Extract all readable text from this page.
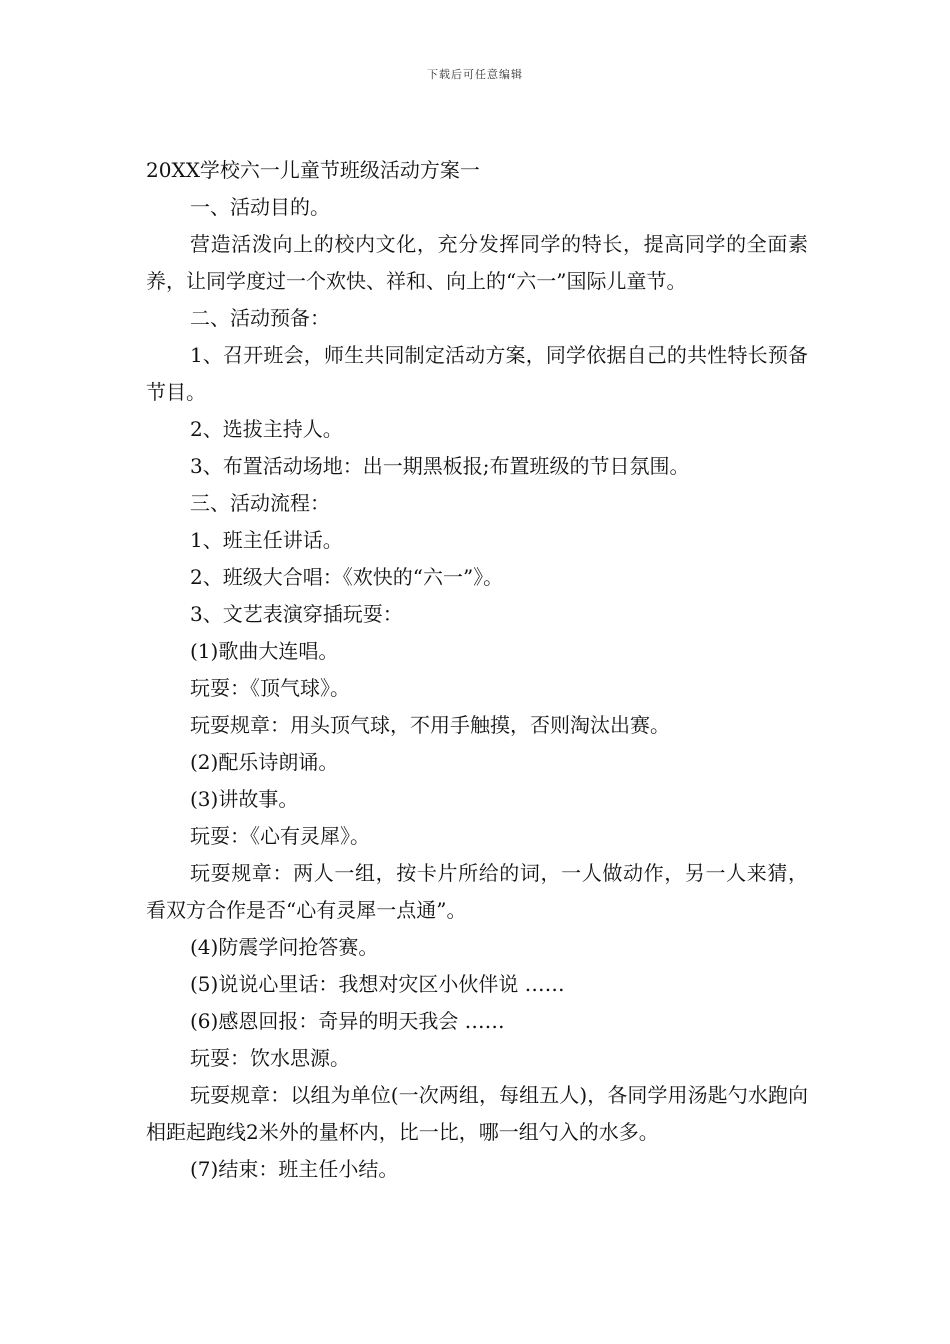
下载后可任意编辑
20XX学校六一儿童节班级活动方案一

一、活动目的。

营造活泼向上的校内文化，充分发挥同学的特长，提高同学的全面素养，让同学度过一个欢快、祥和、向上的“六一”国际儿童节。

二、活动预备：

1、召开班会，师生共同制定活动方案，同学依据自己的共性特长预备节目。

2、选拔主持人。

3、布置活动场地：出一期黑板报;布置班级的节日氛围。

三、活动流程：

1、班主任讲话。

2、班级大合唱：《欢快的“六一”》。

3、文艺表演穿插玩耍：

(1)歌曲大连唱。

玩耍：《顶气球》。

玩耍规章：用头顶气球，不用手触摸，否则淘汰出赛。

(2)配乐诗朗诵。

(3)讲故事。

玩耍：《心有灵犀》。

玩耍规章：两人一组，按卡片所给的词，一人做动作，另一人来猜，看双方合作是否“心有灵犀一点通”。

(4)防震学问抢答赛。

(5)说说心里话：我想对灾区小伙伴说 ……

(6)感恩回报：奇异的明天我会 ……

玩耍：饮水思源。

玩耍规章：以组为单位(一次两组，每组五人)，各同学用汤匙勺水跑向相距起跑线2米外的量杯内，比一比，哪一组勺入的水多。

(7)结束：班主任小结。
